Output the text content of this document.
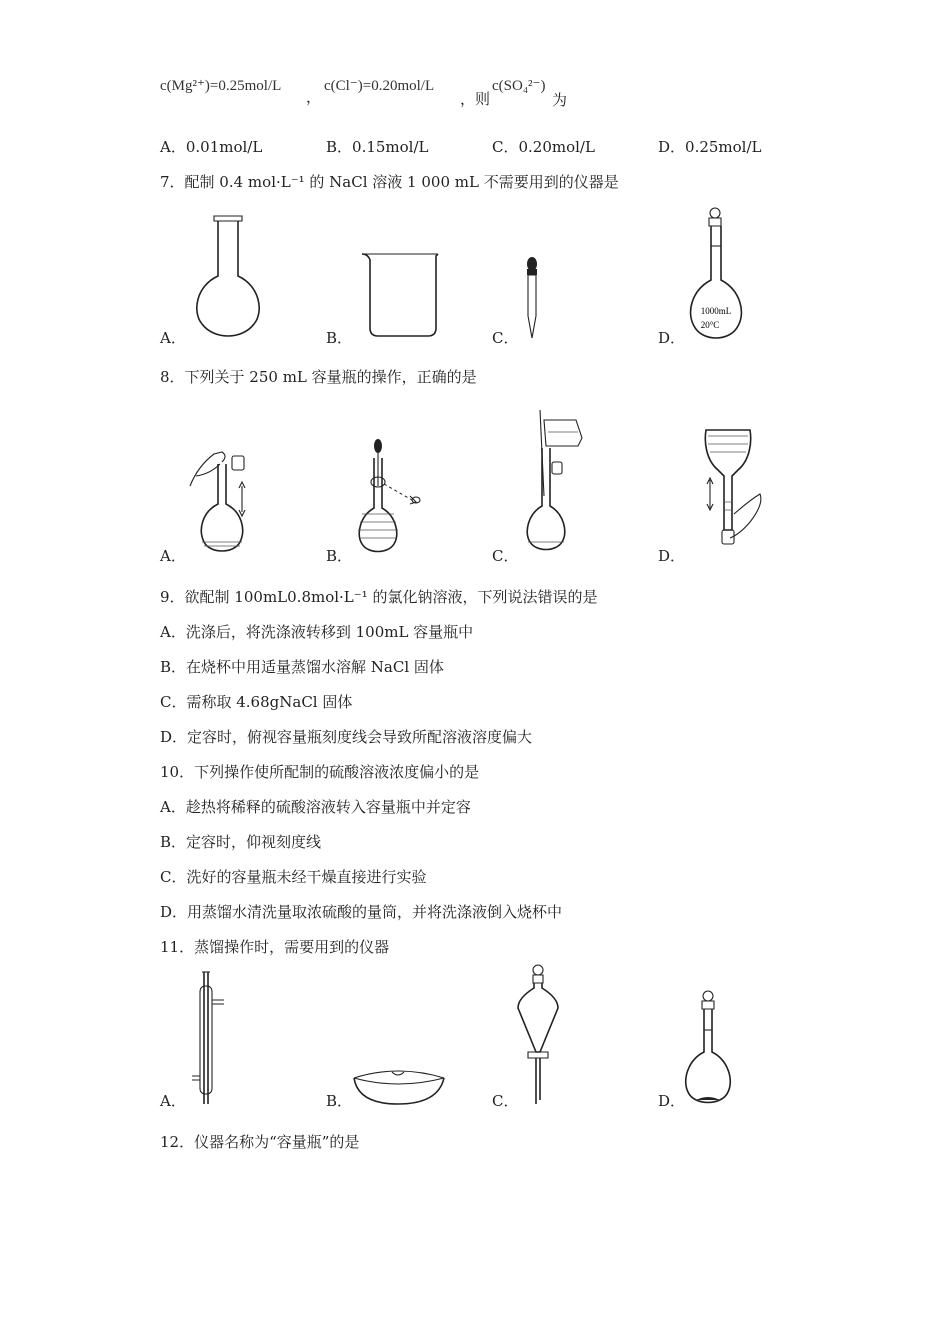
c(Mg²⁺)=0.25mol/L
，
c(Cl⁻)=0.20mol/L
，则
c(SO₄²⁻)
为
A．0.01mol/L	B．0.15mol/L	C．0.20mol/L	D．0.25mol/L
7．配制 0.4 mol·L⁻¹ 的 NaCl 溶液 1 000 mL 不需要用到的仪器是
A．	B．	C．
1000mL
20°C
D．
8．下列关于 250 mL 容量瓶的操作，正确的是
A．	B．	C．	D．
9．欲配制 100mL0.8mol·L⁻¹ 的氯化钠溶液，下列说法错误的是
A．洗涤后，将洗涤液转移到 100mL 容量瓶中
B．在烧杯中用适量蒸馏水溶解 NaCl 固体
C．需称取 4.68gNaCl 固体
D．定容时，俯视容量瓶刻度线会导致所配溶液溶度偏大
10．下列操作使所配制的硫酸溶液浓度偏小的是
A．趁热将稀释的硫酸溶液转入容量瓶中并定容
B．定容时，仰视刻度线
C．洗好的容量瓶未经干燥直接进行实验
D．用蒸馏水清洗量取浓硫酸的量筒，并将洗涤液倒入烧杯中
11．蒸馏操作时，需要用到的仪器
A．	B．	C．	D．
12．仪器名称为“容量瓶”的是
